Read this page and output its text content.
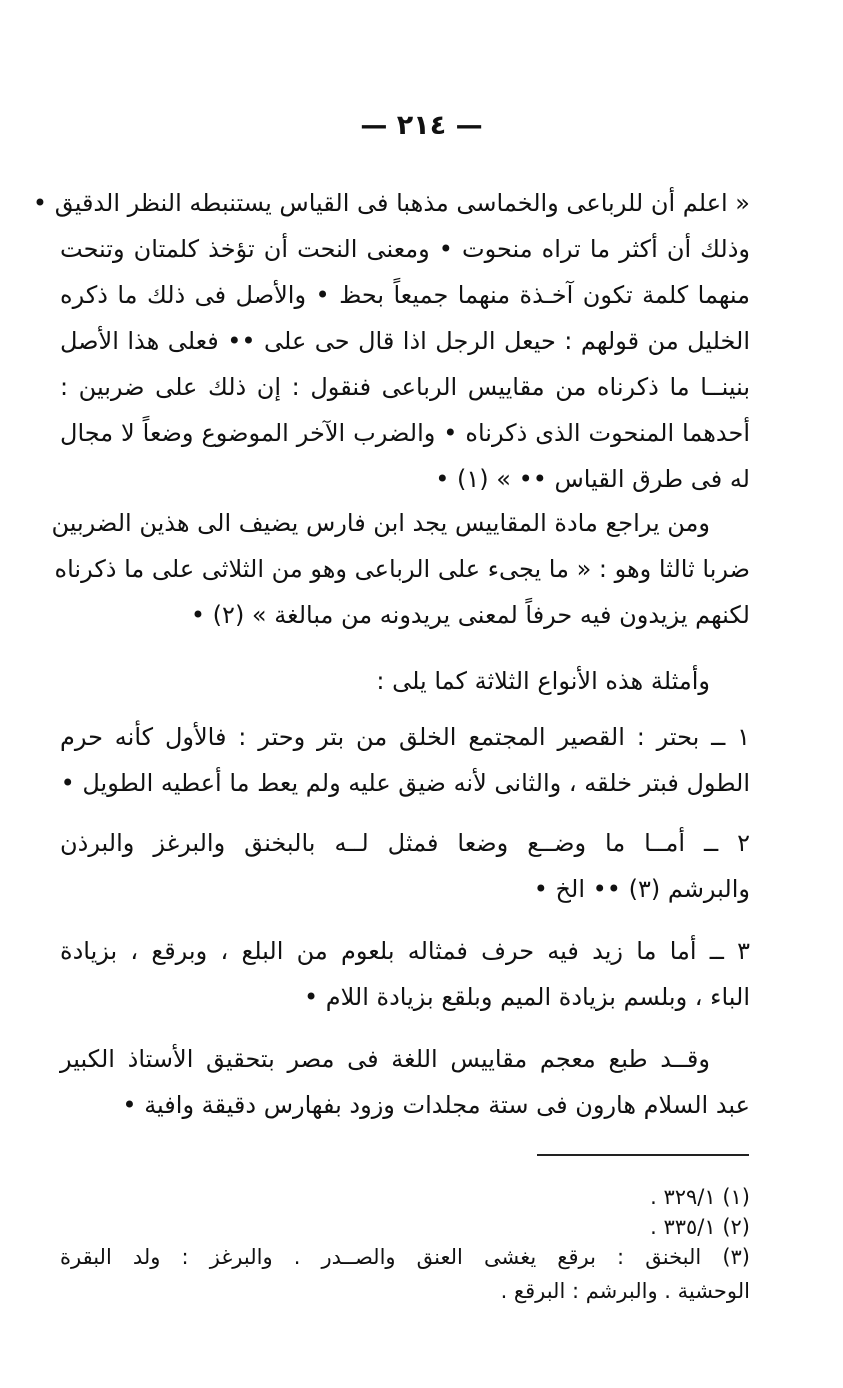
— ٢١٤ —
« اعلم أن للرباعى والخماسى مذهبا فى القياس يستنبطه النظر الدقيق •
وذلك أن أكثر ما تراه منحوت • ومعنى النحت أن تؤخذ كلمتان وتنحت
منهما كلمة تكون آخـذة منهما جميعاً بحظ • والأصل فى ذلك ما ذكره
الخليل من قولهم : حيعل الرجل اذا قال حى على •• فعلى هذا الأصل
بنينــا ما ذكرناه من مقاييس الرباعى فنقول : إن ذلك على ضربين :
أحدهما المنحوت الذى ذكرناه • والضرب الآخر الموضوع وضعاً لا مجال
له فى طرق القياس •• » (١) •
ومن يراجع مادة المقاييس يجد ابن فارس يضيف الى هذين الضربين
ضربا ثالثا وهو : « ما يجىء على الرباعى وهو من الثلاثى على ما ذكرناه
لكنهم يزيدون فيه حرفاً لمعنى يريدونه من مبالغة » (٢) •
وأمثلة هذه الأنواع الثلاثة كما يلى :
١ ــ بحتر : القصير المجتمع الخلق من بتر وحتر : فالأول كأنه حرم
الطول فبتر خلقه ، والثانى لأنه ضيق عليه ولم يعط ما أعطيه الطويل •
٢ ــ أمــا ما وضــع وضعا فمثل لــه بالبخنق والبرغز والبرذن
والبرشم (٣) •• الخ •
٣ ــ أما ما زيد فيه حرف فمثاله بلعوم من البلع ، وبرقع ، بزيادة
الباء ، وبلسم بزيادة الميم وبلقع بزيادة اللام •
وقــد طبع معجم مقاييس اللغة فى مصر بتحقيق الأستاذ الكبير
عبد السلام هارون فى ستة مجلدات وزود بفهارس دقيقة وافية •
(١) ٣٢٩/١ .
(٢) ٣٣٥/١ .
(٣) البخنق : برقع يغشى العنق والصــدر . والبرغز : ولد البقرة
الوحشية . والبرشم : البرقع .
